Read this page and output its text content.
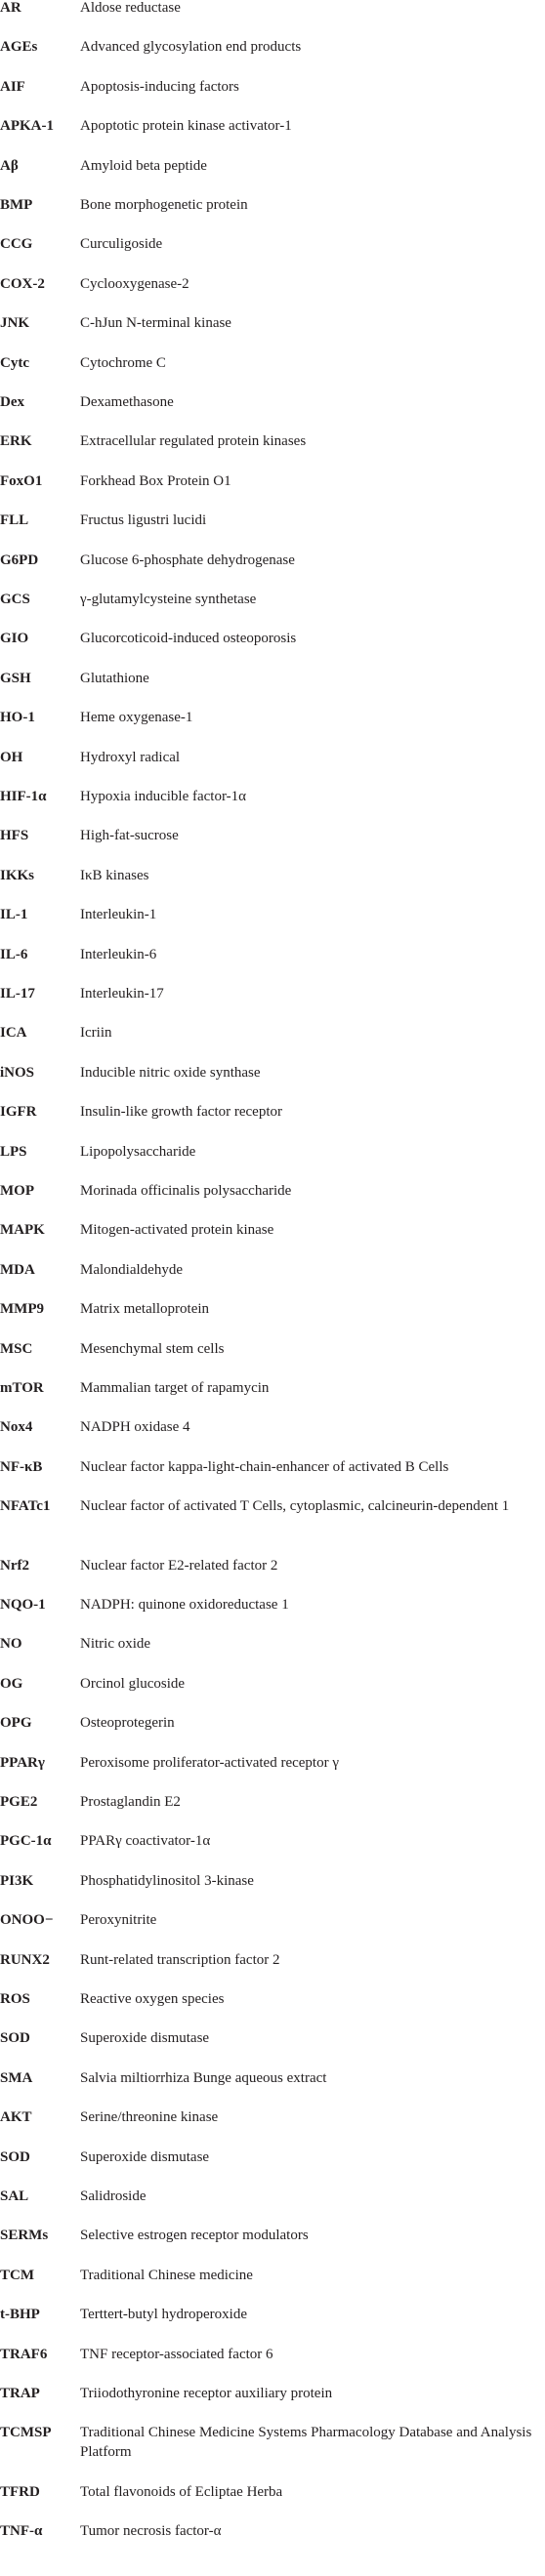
AR	Aldose reductase
AGEs	Advanced glycosylation end products
AIF	Apoptosis-inducing factors
APKA-1	Apoptotic protein kinase activator-1
Aβ	Amyloid beta peptide
BMP	Bone morphogenetic protein
CCG	Curculigoside
COX-2	Cyclooxygenase-2
JNK	C-hJun N-terminal kinase
Cytc	Cytochrome C
Dex	Dexamethasone
ERK	Extracellular regulated protein kinases
FoxO1	Forkhead Box Protein O1
FLL	Fructus ligustri lucidi
G6PD	Glucose 6-phosphate dehydrogenase
GCS	γ-glutamylcysteine synthetase
GIO	Glucorcoticoid-induced osteoporosis
GSH	Glutathione
HO-1	Heme oxygenase-1
OH	Hydroxyl radical
HIF-1α	Hypoxia inducible factor-1α
HFS	High-fat-sucrose
IKKs	IκB kinases
IL-1	Interleukin-1
IL-6	Interleukin-6
IL-17	Interleukin-17
ICA	Icriin
iNOS	Inducible nitric oxide synthase
IGFR	Insulin-like growth factor receptor
LPS	Lipopolysaccharide
MOP	Morinada officinalis polysaccharide
MAPK	Mitogen-activated protein kinase
MDA	Malondialdehyde
MMP9	Matrix metalloprotein
MSC	Mesenchymal stem cells
mTOR	Mammalian target of rapamycin
Nox4	NADPH oxidase 4
NF-κB	Nuclear factor kappa-light-chain-enhancer of activated B Cells
NFATc1	Nuclear factor of activated T Cells, cytoplasmic, calcineurin-dependent 1
Nrf2	Nuclear factor E2-related factor 2
NQO-1	NADPH: quinone oxidoreductase 1
NO	Nitric oxide
OG	Orcinol glucoside
OPG	Osteoprotegerin
PPARγ	Peroxisome proliferator-activated receptor γ
PGE2	Prostaglandin E2
PGC-1α	PPARγ coactivator-1α
PI3K	Phosphatidylinositol 3-kinase
ONOO−	Peroxynitrite
RUNX2	Runt-related transcription factor 2
ROS	Reactive oxygen species
SOD	Superoxide dismutase
SMA	Salvia miltiorrhiza Bunge aqueous extract
AKT	Serine/threonine kinase
SOD	Superoxide dismutase
SAL	Salidroside
SERMs	Selective estrogen receptor modulators
TCM	Traditional Chinese medicine
t-BHP	Terttert-butyl hydroperoxide
TRAF6	TNF receptor-associated factor 6
TRAP	Triiodothyronine receptor auxiliary protein
TCMSP	Traditional Chinese Medicine Systems Pharmacology Database and Analysis Platform
TFRD	Total flavonoids of Ecliptae Herba
TNF-α	Tumor necrosis factor-α
